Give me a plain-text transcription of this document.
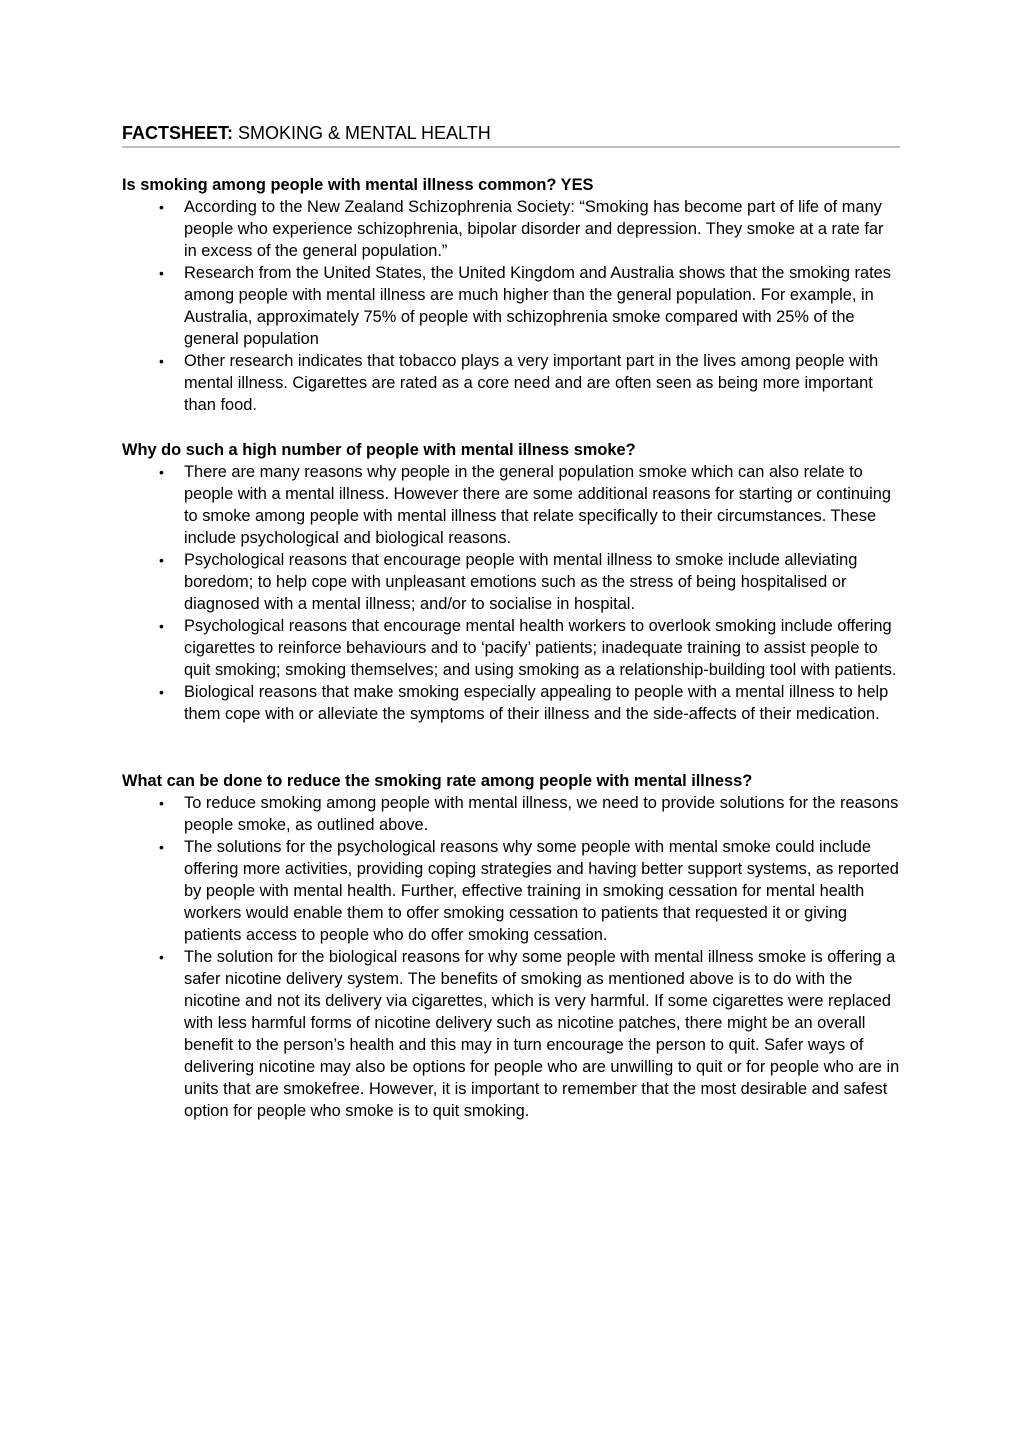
FACTSHEET: SMOKING & MENTAL HEALTH
Is smoking among people with mental illness common? YES
• According to the New Zealand Schizophrenia Society: “Smoking has become part of life of many people who experience schizophrenia, bipolar disorder and depression. They smoke at a rate far in excess of the general population.”
• Research from the United States, the United Kingdom and Australia shows that the smoking rates among people with mental illness are much higher than the general population. For example, in Australia, approximately 75% of people with schizophrenia smoke compared with 25% of the general population
• Other research indicates that tobacco plays a very important part in the lives among people with mental illness. Cigarettes are rated as a core need and are often seen as being more important than food.
Why do such a high number of people with mental illness smoke?
• There are many reasons why people in the general population smoke which can also relate to people with a mental illness. However there are some additional reasons for starting or continuing to smoke among people with mental illness that relate specifically to their circumstances. These include psychological and biological reasons.
• Psychological reasons that encourage people with mental illness to smoke include alleviating boredom; to help cope with unpleasant emotions such as the stress of being hospitalised or diagnosed with a mental illness; and/or to socialise in hospital.
• Psychological reasons that encourage mental health workers to overlook smoking include offering cigarettes to reinforce behaviours and to ‘pacify’ patients; inadequate training to assist people to quit smoking; smoking themselves; and using smoking as a relationship-building tool with patients.
• Biological reasons that make smoking especially appealing to people with a mental illness to help them cope with or alleviate the symptoms of their illness and the side-affects of their medication.
What can be done to reduce the smoking rate among people with mental illness?
• To reduce smoking among people with mental illness, we need to provide solutions for the reasons people smoke, as outlined above.
• The solutions for the psychological reasons why some people with mental smoke could include offering more activities, providing coping strategies and having better support systems, as reported by people with mental health. Further, effective training in smoking cessation for mental health workers would enable them to offer smoking cessation to patients that requested it or giving patients access to people who do offer smoking cessation.
• The solution for the biological reasons for why some people with mental illness smoke is offering a safer nicotine delivery system. The benefits of smoking as mentioned above is to do with the nicotine and not its delivery via cigarettes, which is very harmful. If some cigarettes were replaced with less harmful forms of nicotine delivery such as nicotine patches, there might be an overall benefit to the person’s health and this may in turn encourage the person to quit. Safer ways of delivering nicotine may also be options for people who are unwilling to quit or for people who are in units that are smokefree. However, it is important to remember that the most desirable and safest option for people who smoke is to quit smoking.
